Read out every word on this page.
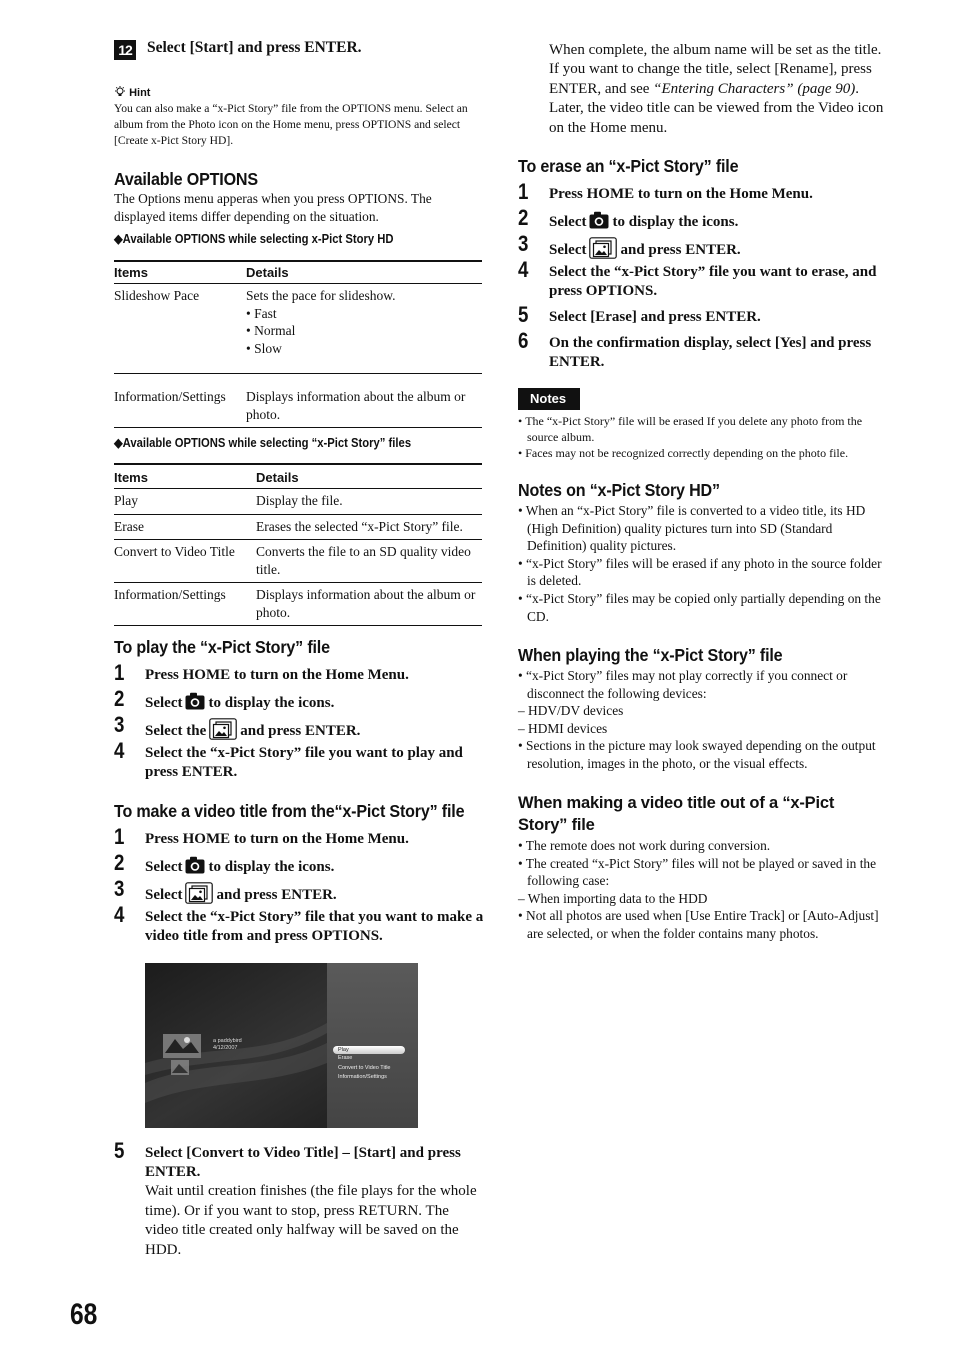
12 Select [Start] and press ENTER.
Hint
You can also make a “x-Pict Story” file from the OPTIONS menu. Select an album from the Photo icon on the Home menu, press OPTIONS and select [Create x-Pict Story HD].
Available OPTIONS
The Options menu apperas when you press OPTIONS. The displayed items differ depending on the situation.
◆Available OPTIONS while selecting x-Pict Story HD
Items	Details
Slideshow Pace	Sets the pace for slideshow.
• Fast
• Normal
• Slow

Information/Settings	Displays information about the album or photo.
◆Available OPTIONS while selecting “x-Pict Story” files
Items	Details
Play	Display the file.
Erase	Erases the selected “x-Pict Story” file.
Convert to Video Title	Converts the file to an SD quality video title.
Information/Settings	Displays information about the album or photo.
To play the “x-Pict Story” file
1 Press HOME to turn on the Home Menu.
2 Select to display the icons.
3 Select the and press ENTER.
4 Select the “x-Pict Story” file you want to play and press ENTER.
To make a video title from the“x-Pict Story” file
1 Press HOME to turn on the Home Menu.
2 Select to display the icons.
3 Select and press ENTER.
4 Select the “x-Pict Story” file that you want to make a video title from and press OPTIONS.
a paddybird
4/12/2007	Play
Erase
Convert to Video Title
Information/Settings
5 Select [Convert to Video Title] – [Start] and press ENTER.
Wait until creation finishes (the file plays for the whole time). Or if you want to stop, press RETURN. The video title created only halfway will be saved on the HDD.
68
When complete, the album name will be set as the title. If you want to change the title, select [Rename], press ENTER, and see “Entering Characters” (page 90). Later, the video title can be viewed from the Video icon on the Home menu.
To erase an “x-Pict Story” file
1 Press HOME to turn on the Home Menu.
2 Select to display the icons.
3 Select and press ENTER.
4 Select the “x-Pict Story” file you want to erase, and press OPTIONS.
5 Select [Erase] and press ENTER.
6 On the confirmation display, select [Yes] and press ENTER.
Notes
• The “x-Pict Story” file will be erased If you delete any photo from the source album.
• Faces may not be recognized correctly depending on the photo file.
Notes on “x-Pict Story HD”
• When an “x-Pict Story” file is converted to a video title, its HD (High Definition) quality pictures turn into SD (Standard Definition) quality pictures.
• “x-Pict Story” files will be erased if any photo in the source folder is deleted.
• “x-Pict Story” files may be copied only partially depending on the CD.
When playing the “x-Pict Story” file
• “x-Pict Story” files may not play correctly if you connect or disconnect the following devices:
– HDV/DV devices
– HDMI devices
• Sections in the picture may look swayed depending on the output resolution, images in the photo, or the visual effects.
When making a video title out of a “x-Pict Story” file
• The remote does not work during conversion.
• The created “x-Pict Story” files will not be played or saved in the following case:
– When importing data to the HDD
• Not all photos are used when [Use Entire Track] or [Auto-Adjust] are selected, or when the folder contains many photos.
